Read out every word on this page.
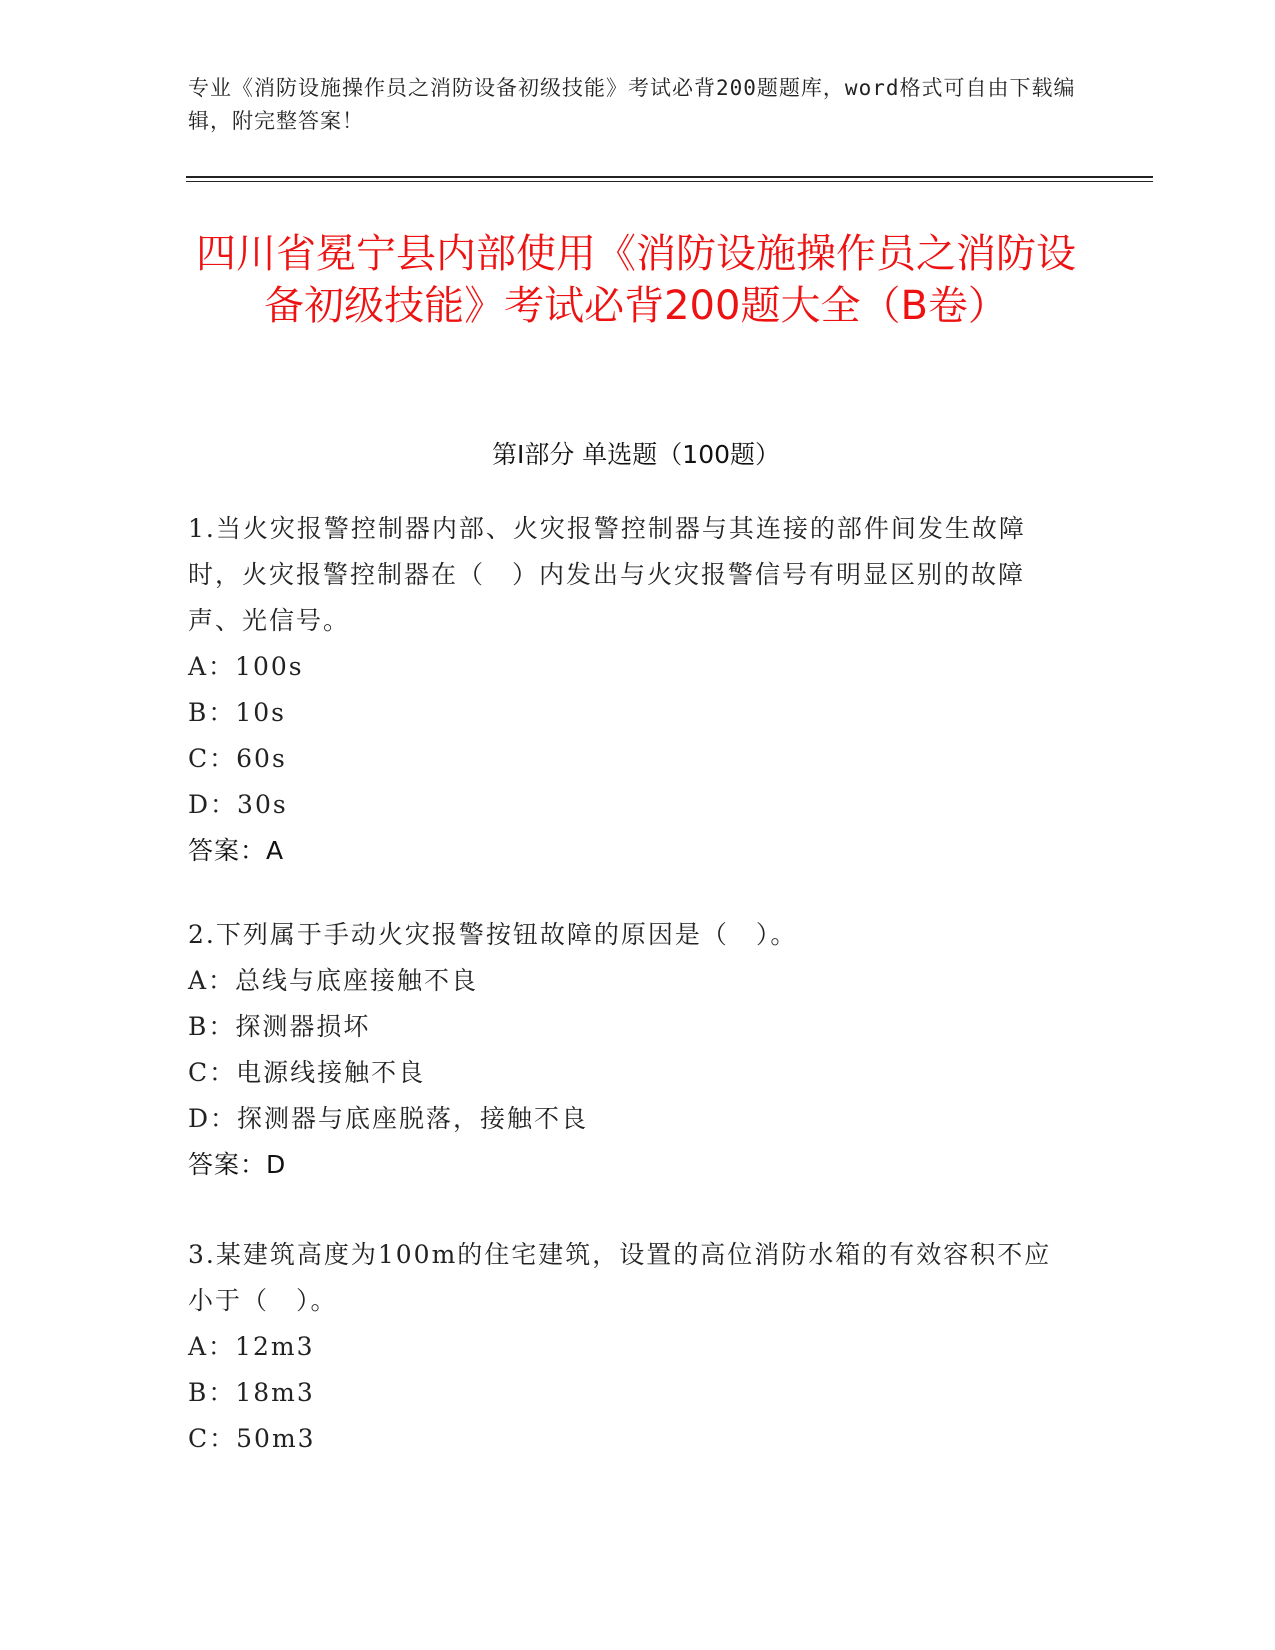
专业《消防设施操作员之消防设备初级技能》考试必背200题题库，word格式可自由下载编辑，附完整答案！
四川省冕宁县内部使用《消防设施操作员之消防设备初级技能》考试必背200题大全（B卷）
第I部分 单选题（100题）

1.当火灾报警控制器内部、火灾报警控制器与其连接的部件间发生故障时，火灾报警控制器在（　）内发出与火灾报警信号有明显区别的故障声、光信号。

A：100s

B：10s

C：60s

D：30s

答案：A

2.下列属于手动火灾报警按钮故障的原因是（　）。

A：总线与底座接触不良

B：探测器损坏

C：电源线接触不良

D：探测器与底座脱落，接触不良

答案：D

3.某建筑高度为100m的住宅建筑，设置的高位消防水箱的有效容积不应小于（　）。

A：12m3

B：18m3

C：50m3
